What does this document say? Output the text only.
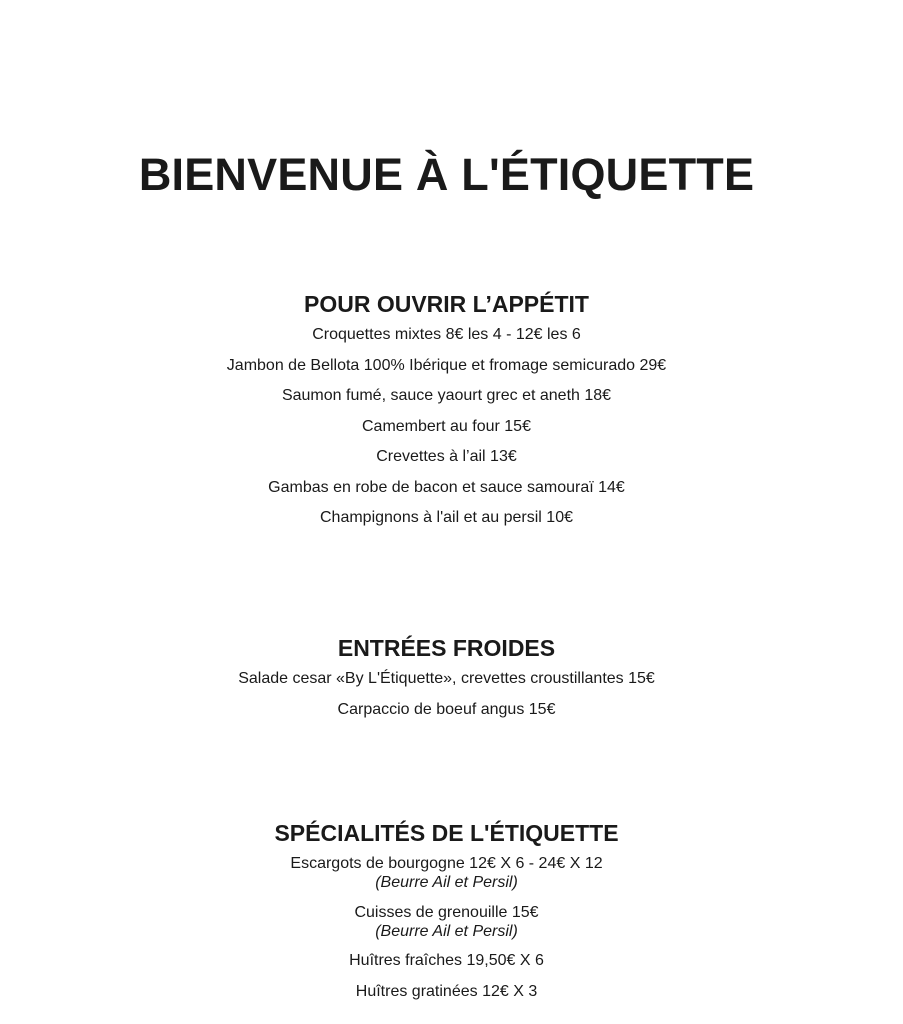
BIENVENUE À L'ÉTIQUETTE
POUR OUVRIR L’APPÉTIT
Croquettes mixtes 8€ les 4 - 12€ les 6
Jambon de Bellota 100% Ibérique et fromage semicurado 29€
Saumon fumé, sauce yaourt grec et aneth 18€
Camembert au four 15€
Crevettes à l’ail 13€
Gambas en robe de bacon et sauce samouraï 14€
Champignons à l'ail et au persil 10€
ENTRÉES FROIDES
Salade cesar «By L'Étiquette», crevettes croustillantes 15€
Carpaccio de boeuf angus 15€
SPÉCIALITÉS DE L'ÉTIQUETTE
Escargots de bourgogne 12€ X 6 - 24€ X 12
(Beurre Ail et Persil)
Cuisses de grenouille 15€
(Beurre Ail et Persil)
Huîtres fraîches 19,50€ X 6
Huîtres gratinées 12€ X 3
